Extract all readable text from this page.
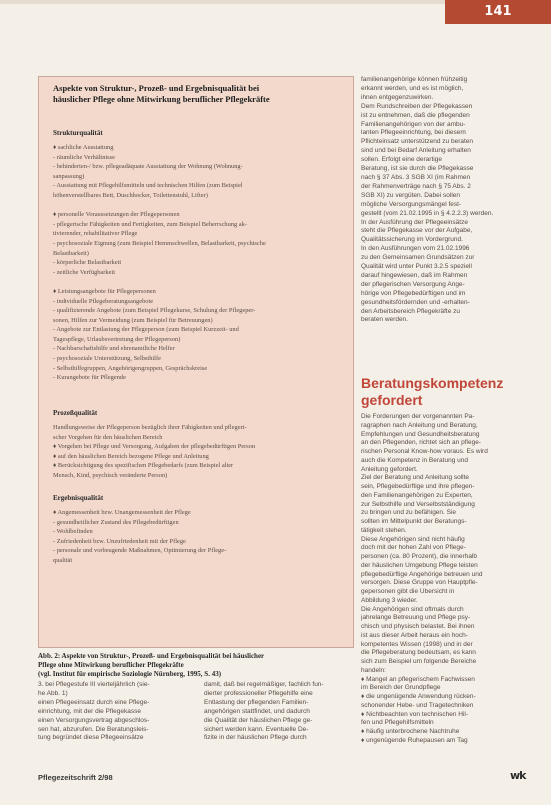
141
Aspekte von Struktur-, Prozeß- und Ergebnisqualität bei
häuslicher Pflege ohne Mitwirkung beruflicher Pflegekräfte
Strukturqualität
♦ sachliche Ausstattung
- räumliche Verhältnisse
- behinderten-/ bzw. pflegeadäquate Ausstattung der Wohnung (Wohnung-
sanpassung)
- Ausstattung mit Pflegehilfsmitteln und technischen Hilfen (zum Beispiel
höhenverstellbares Bett, Duschhocker, Toilettenstuhl, Lifter)

♦ personelle Voraussetzungen der Pflegepersonen
- pflegerische Fähigkeiten und Fertigkeiten, zum Beispiel Beherrschung ak-
tivierender, rehabilitativer Pflege
- psychosoziale Eignung (zum Beispiel Hemmschwellen, Belastbarkeit, psychische
Belastbarkeit)
- körperliche Belastbarkeit
- zeitliche Verfügbarkeit

♦ Leistungsangebote für Pflegepersonen
- individuelle Pflegeberatungsangebote
- qualifizierende Angebote (zum Beispiel Pflegekurse, Schulung der Pflegeper-
sonen, Hilfen zur Vermeidung (zum Beispiel für Betreuungen)
- Angebote zur Entlastung der Pflegeperson (zum Beispiel Kurzzeit- und
Tagespflege, Urlaubsvertretung der Pflegeperson)
- Nachbarschaftshilfe und ehrenamtliche Helfer
- psychosoziale Unterstützung, Selbsthilfe
- Selbsthilfegruppen, Angehörigengruppen, Gesprächskreise
- Kurangebote für Pflegende
Prozeßqualität
Handlungsweise der Pflegeperson bezüglich ihrer Fähigkeiten und pflegeri-
scher Vorgehen für den häuslichen Bereich
♦ Vorgehen bei Pflege und Versorgung, Aufgaben der pflegebedürftigen Person
♦ auf den häuslichen Bereich bezogene Pflege und Anleitung
♦ Berücksichtigung des spezifischen Pflegebedarfs (zum Beispiel alter
Mensch, Kind, psychisch veränderte Person)
Ergebnisqualität
♦ Angemessenheit bzw. Unangemessenheit der Pflege
- gesundheitlicher Zustand des Pflegebedürftigen
- Wohlbefinden
- Zufriedenheit bzw. Unzufriedenheit mit der Pflege
- personale und vorbeugende Maßnahmen, Optimierung der Pflege-
qualität
Abb. 2: Aspekte von Struktur-, Prozeß- und Ergebnisqualität bei häuslicher
Pflege ohne Mitwirkung beruflicher Pflegekräfte
(vgl. Institut für empirische Soziologie Nürnberg, 1995, S. 43)
3. bei Pflegestufe III vierteljährlich (sie-
he Abb. 1)
einen Pflegeeinsatz durch eine Pflege-
einrichtung, mit der die Pflegekasse
einen Versorgungsvertrag abgeschlos-
sen hat, abzurufen. Die Beratungsleis-
tung begründet diese Pflegeeinsätze
damit, daß bei regelmäßiger, fachlich fun-
dierter professioneller Pflegehilfe eine
Entlastung der pflegenden Familien-
angehörigen stattfindet, und dadurch
die Qualität der häuslichen Pflege ge-
sichert werden kann. Eventuelle De-
fizite in der häuslichen Pflege durch
familienangehörige können frühzeitig
erkannt werden, und es ist möglich,
ihnen entgegenzuwirken.
Dem Rundschreiben der Pflegekassen
ist zu entnehmen, daß die pflegenden
Familienangehörigen von der ambu-
lanten Pflegeeinrichtung, bei diesem
Pflichteinsatz unterstützend zu beraten
sind und bei Bedarf Anleitung erhalten
sollen. Erfolgt eine derartige
Beratung, ist sie durch die Pflegekasse
nach § 37 Abs. 3 SGB XI (im Rahmen
der Rahmenverträge nach § 75 Abs. 2
SGB XI) zu vergüten. Dabei sollen
mögliche Versorgungsmängel fest-
gestellt (vom 21.02.1995 in § 4.2.2.3) werden.
In der Ausführung der Pflegeeinsätze
steht die Pflegekasse vor der Aufgabe,
Qualitätssicherung im Vordergrund.
In den Ausführungen vom 21.02.1996
zu den Gemeinsamen Grundsätzen zur
Qualität wird unter Punkt 3.2.5 speziell
darauf hingewiesen, daß im Rahmen
der pflegerischen Versorgung Ange-
hörige von Pflegebedürftigen und im
gesundheitsfördernden und -erhalten-
den Arbeitsbereich Pflegekräfte zu
beraten werden.
Beratungskompetenz
gefordert
Die Forderungen der vorgenannten Pa-
ragraphen nach Anleitung und Beratung,
Empfehlungen und Gesundheitsberatung
an den Pflegenden, richtet sich an pflege-
rischen Personal Know-how voraus. Es wird
auch die Kompetenz in Beratung und
Anleitung gefordert.
Ziel der Beratung und Anleitung sollte
sein, Pflegebedürftige und ihre pflegen-
den Familienangehörigen zu Experten,
zur Selbsthilfe und Verselbstständigung
zu bringen und zu befähigen. Sie
sollten im Mittelpunkt der Beratungs-
tätigkeit stehen.
Diese Angehörigen sind nicht häufig
doch mit der hohen Zahl von Pflege-
personen (ca. 80 Prozent), die innerhalb
der häuslichen Umgebung Pflege leisten
pflegebedürftige Angehörige betreuen und
versorgen. Diese Gruppe von Hauptpfle-
gepersonen gibt die Übersicht in
Abbildung 3 wieder.
Die Angehörigen sind oftmals durch
jahrelange Betreuung und Pflege psy-
chisch und physisch belastet. Bei ihnen
ist aus dieser Arbeit heraus ein hoch-
kompetentes Wissen (1998) und in der
die Pflegeberatung bedeutsam, es kann
sich zum Beispiel um folgende Bereiche
handeln:
♦ Mangel an pflegerischem Fachwissen
im Bereich der Grundpflege
♦ die ungenügende Anwendung rücken-
schonender Hebe- und Tragetechniken
♦ Nichtbeachten von technischen Hil-
fen und Pflegehilfsmitteln
♦ häufig unterbrochene Nachtruhe
♦ ungenügende Ruhepausen am Tag
Pflegezeitschrift 2/98	wk
